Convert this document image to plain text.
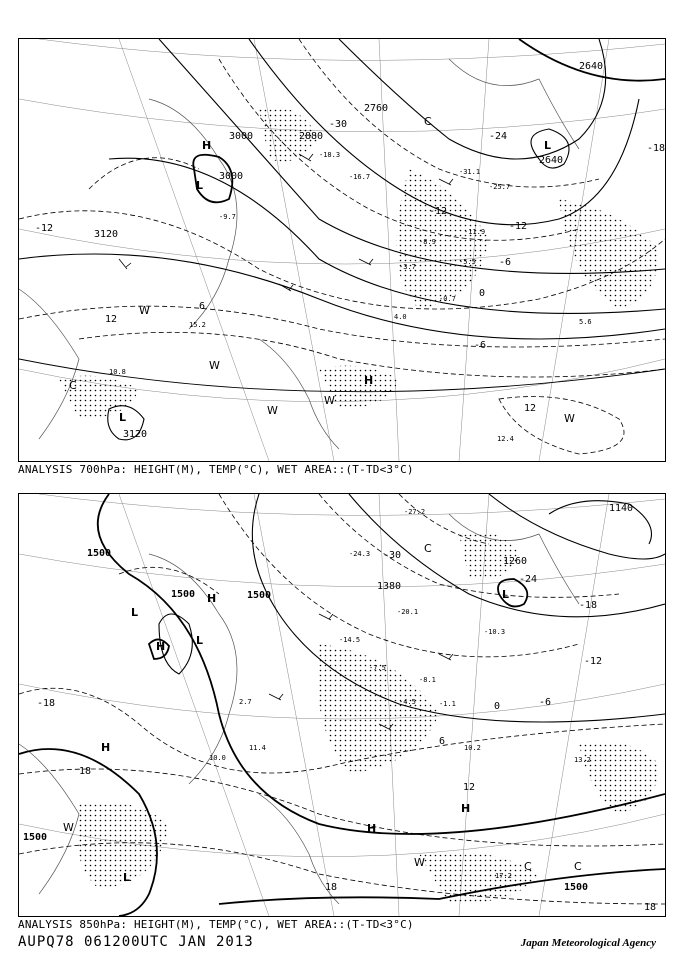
2640
2760
2880
3000
3120
3000
2640
3120
-30
-24
-18
-12	-12
-6
-6
0
6
12
12
-12
H
L
L
L
H
C
C
W
W
W
W
W
-31.1
-25.7
-18.3
-16.7
-11.9
-9.7
-8.9
-5.5
-3.7
-0.7
4.0
5.6
12.4
15.2
10.8
ANALYSIS 700hPa: HEIGHT(M), TEMP(°C), WET AREA::(T-TD<3°C)
1500
1500	1500
1380
1260
1140
1500
1500
-30
-24
-18
-12
-6
0
6
12
-18
18
18
18
H
H
L
L
L
H
H
H
C
C	C
L
W
W
-27.2
-24.3
-20.1
-14.5
-10.3
-8.1
-7.5
-4.5	-1.1
2.7
10.2
13.2
17.2
11.4
10.0
ANALYSIS 850hPa: HEIGHT(M), TEMP(°C), WET AREA::(T-TD<3°C)
AUPQ78 061200UTC JAN 2013	Japan Meteorological Agency
